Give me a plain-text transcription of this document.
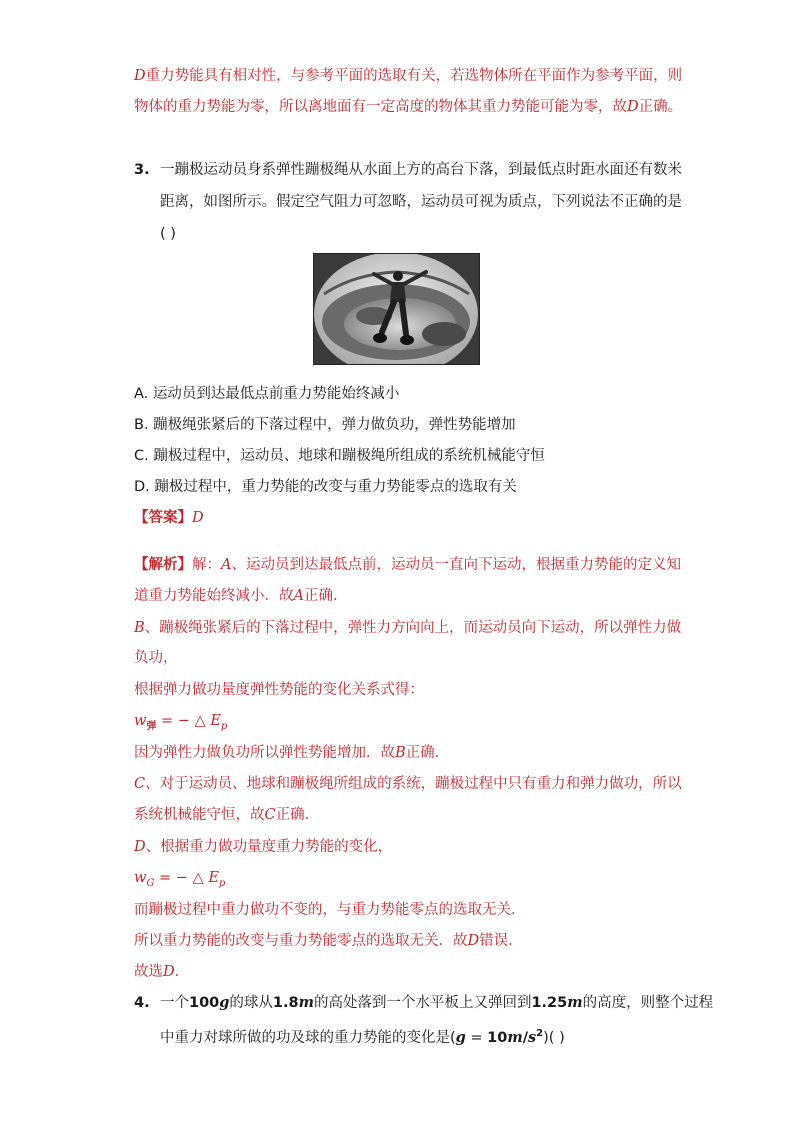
D重力势能具有相对性，与参考平面的选取有关，若选物体所在平面作为参考平面，则
物体的重力势能为零，所以离地面有一定高度的物体其重力势能可能为零，故D正确。
3. 一蹦极运动员身系弹性蹦极绳从水面上方的高台下落，到最低点时距水面还有数米
距离，如图所示。假定空气阻力可忽略，运动员可视为质点，下列说法不正确的是
( )
A. 运动员到达最低点前重力势能始终减小
B. 蹦极绳张紧后的下落过程中，弹力做负功，弹性势能增加
C. 蹦极过程中，运动员、地球和蹦极绳所组成的系统机械能守恒
D. 蹦极过程中，重力势能的改变与重力势能零点的选取有关
【答案】D
【解析】解：A、运动员到达最低点前，运动员一直向下运动，根据重力势能的定义知
道重力势能始终减小．故A正确．
B、蹦极绳张紧后的下落过程中，弹性力方向向上，而运动员向下运动，所以弹性力做
负功，
根据弹力做功量度弹性势能的变化关系式得：
$w_弹$ = − △ $E_p$
因为弹性力做负功所以弹性势能增加．故B正确．
C、对于运动员、地球和蹦极绳所组成的系统，蹦极过程中只有重力和弹力做功，所以
系统机械能守恒，故C正确．
D、根据重力做功量度重力势能的变化，
$w_G$ = − △ $E_p$
而蹦极过程中重力做功不变的，与重力势能零点的选取无关．
所以重力势能的改变与重力势能零点的选取无关．故D错误．
故选D．
4. 一个100g的球从1.8m的高处落到一个水平板上又弹回到1.25m的高度，则整个过程
中重力对球所做的功及球的重力势能的变化是$(g = 10m/s^2)$( )
